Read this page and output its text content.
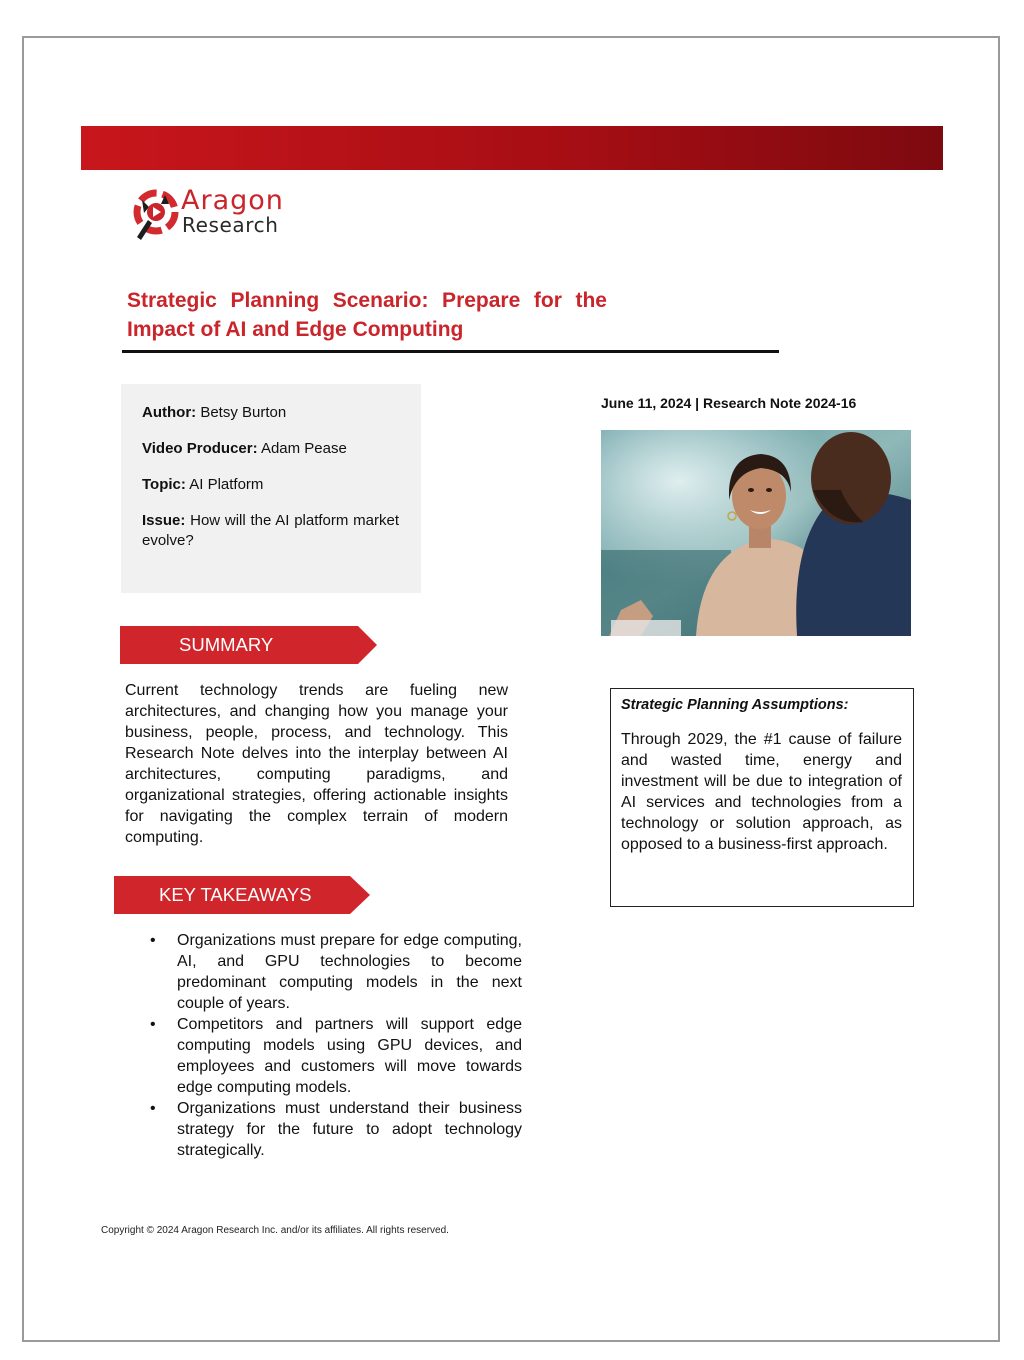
Aragon
Research
Strategic Planning Scenario: Prepare for the Impact of AI and Edge Computing

Author: Betsy Burton

Video Producer: Adam Pease

Topic: AI Platform

Issue: How will the AI platform market evolve?

June 11, 2024 | Research Note 2024-16
SUMMARY

Current technology trends are fueling new architectures, and changing how you manage your business, people, process, and technology. This Research Note delves into the interplay between AI architectures, computing paradigms, and organizational strategies, offering actionable insights for navigating the complex terrain of modern computing.

KEY TAKEAWAYS
• Organizations must prepare for edge computing, AI, and GPU technologies to become predominant computing models in the next couple of years.
• Competitors and partners will support edge computing models using GPU devices, and employees and customers will move towards edge computing models.
• Organizations must understand their business strategy for the future to adopt technology strategically.

Strategic Planning Assumptions:

Through 2029, the #1 cause of failure and wasted time, energy and investment will be due to integration of AI services and technologies from a technology or solution approach, as opposed to a business-first approach.

Copyright © 2024 Aragon Research Inc. and/or its affiliates. All rights reserved.
